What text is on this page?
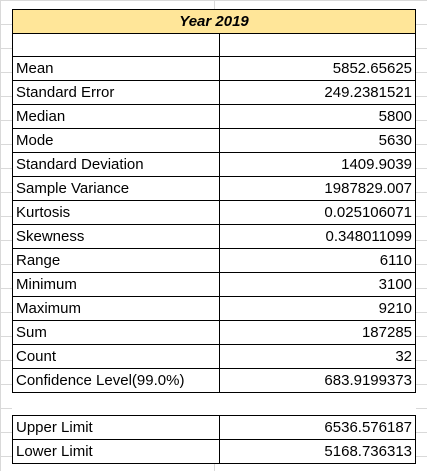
Year 2019	

Mean	5852.65625
Standard Error	249.2381521
Median	5800
Mode	5630
Standard Deviation	1409.9039
Sample Variance	1987829.007
Kurtosis	0.025106071
Skewness	0.348011099
Range	6110
Minimum	3100
Maximum	9210
Sum	187285
Count	32
Confidence Level(99.0%)	683.9199373

Upper Limit	6536.576187
Lower Limit	5168.736313
